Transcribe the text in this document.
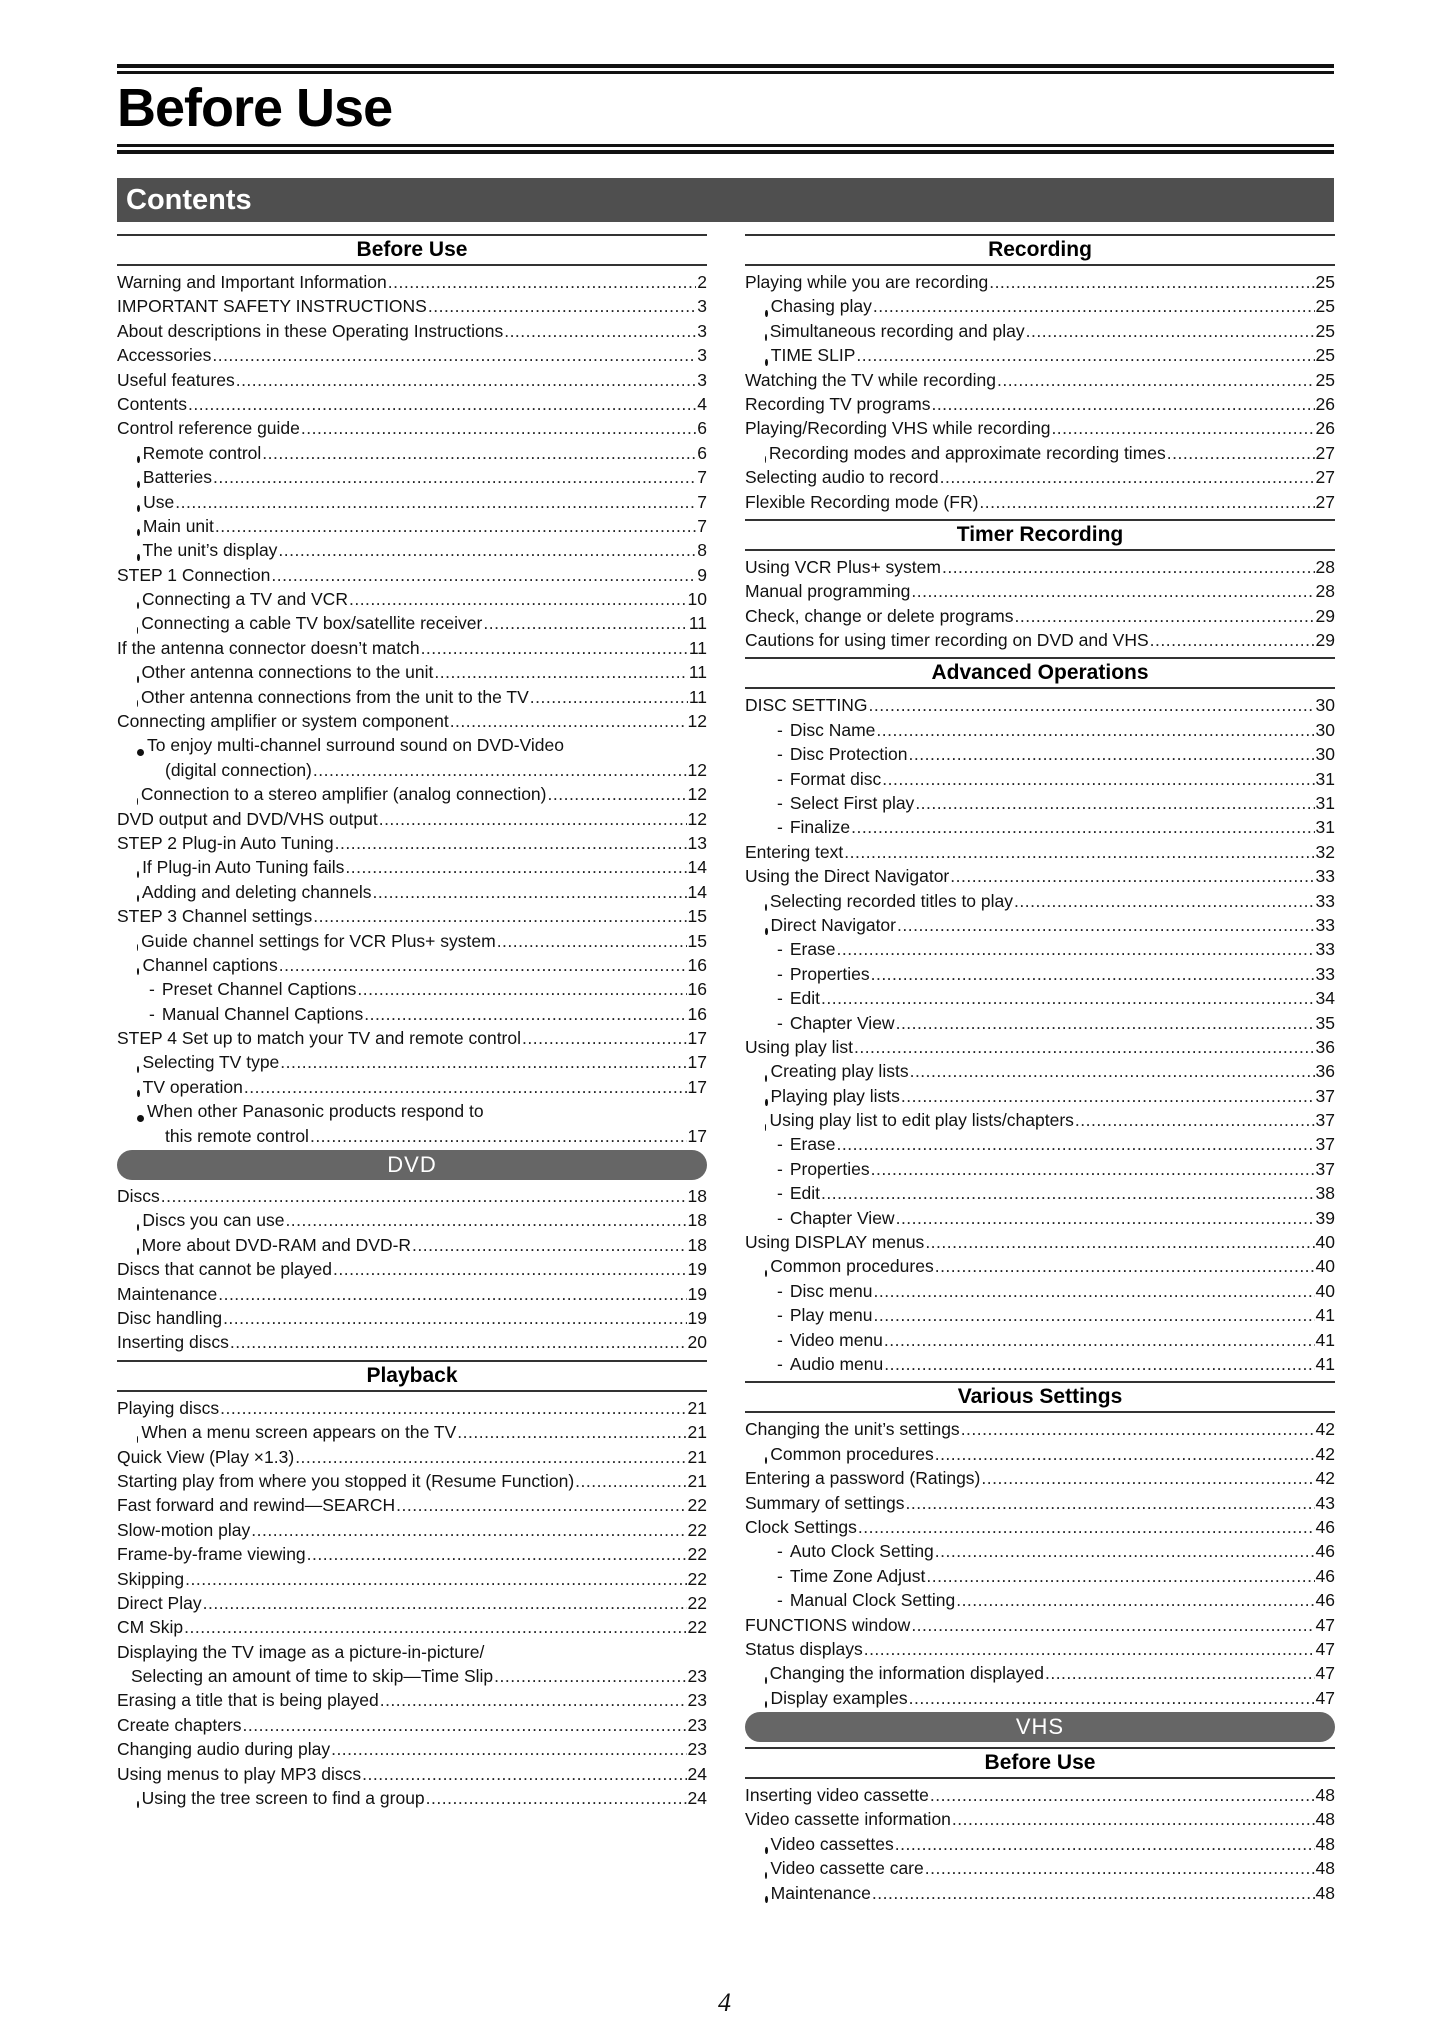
Before Use
Contents
Before Use
Warning and Important Information .....	2
IMPORTANT SAFETY INSTRUCTIONS .....	3
About descriptions in these Operating Instructions .....	3
Accessories .....	3
Useful features .....	3
Contents .....	4
Control reference guide .....	6
Remote control .....	6
Batteries .....	7
Use .....	7
Main unit .....	7
The unit’s display .....	8
STEP 1 Connection .....	9
Connecting a TV and VCR .....	10
Connecting a cable TV box/satellite receiver .....	11
If the antenna connector doesn’t match .....	11
Other antenna connections to the unit .....	11
Other antenna connections from the unit to the TV .....	11
Connecting amplifier or system component .....	12
To enjoy multi-channel surround sound on DVD-Video
(digital connection) .....	12
Connection to a stereo amplifier (analog connection) .....	12
DVD output and DVD/VHS output .....	12
STEP 2 Plug-in Auto Tuning .....	13
If Plug-in Auto Tuning fails .....	14
Adding and deleting channels .....	14
STEP 3 Channel settings .....	15
Guide channel settings for VCR Plus+ system .....	15
Channel captions .....	16
- Preset Channel Captions .....	16
- Manual Channel Captions .....	16
STEP 4 Set up to match your TV and remote control .....	17
Selecting TV type .....	17
TV operation .....	17
When other Panasonic products respond to
this remote control .....	17
DVD
Discs .....	18
Discs you can use .....	18
More about DVD-RAM and DVD-R .....	18
Discs that cannot be played .....	19
Maintenance .....	19
Disc handling .....	19
Inserting discs .....	20
Playback
Playing discs .....	21
When a menu screen appears on the TV .....	21
Quick View (Play ×1.3) .....	21
Starting play from where you stopped it (Resume Function) .....	21
Fast forward and rewind—SEARCH .....	22
Slow-motion play .....	22
Frame-by-frame viewing .....	22
Skipping .....	22
Direct Play .....	22
CM Skip .....	22
Displaying the TV image as a picture-in-picture/
Selecting an amount of time to skip—Time Slip .....	23
Erasing a title that is being played .....	23
Create chapters .....	23
Changing audio during play .....	23
Using menus to play MP3 discs .....	24
Using the tree screen to find a group .....	24
Recording
Playing while you are recording .....	25
Chasing play .....	25
Simultaneous recording and play .....	25
TIME SLIP .....	25
Watching the TV while recording .....	25
Recording TV programs .....	26
Playing/Recording VHS while recording .....	26
Recording modes and approximate recording times .....	27
Selecting audio to record .....	27
Flexible Recording mode (FR) .....	27
Timer Recording
Using VCR Plus+ system .....	28
Manual programming .....	28
Check, change or delete programs .....	29
Cautions for using timer recording on DVD and VHS .....	29
Advanced Operations
DISC SETTING .....	30
- Disc Name .....	30
- Disc Protection .....	30
- Format disc .....	31
- Select First play .....	31
- Finalize .....	31
Entering text .....	32
Using the Direct Navigator .....	33
Selecting recorded titles to play .....	33
Direct Navigator .....	33
- Erase .....	33
- Properties .....	33
- Edit .....	34
- Chapter View .....	35
Using play list .....	36
Creating play lists .....	36
Playing play lists .....	37
Using play list to edit play lists/chapters .....	37
- Erase .....	37
- Properties .....	37
- Edit .....	38
- Chapter View .....	39
Using DISPLAY menus .....	40
Common procedures .....	40
- Disc menu .....	40
- Play menu .....	41
- Video menu .....	41
- Audio menu .....	41
Various Settings
Changing the unit’s settings .....	42
Common procedures .....	42
Entering a password (Ratings) .....	42
Summary of settings .....	43
Clock Settings .....	46
- Auto Clock Setting .....	46
- Time Zone Adjust .....	46
- Manual Clock Setting .....	46
FUNCTIONS window .....	47
Status displays .....	47
Changing the information displayed .....	47
Display examples .....	47
VHS
Before Use
Inserting video cassette .....	48
Video cassette information .....	48
Video cassettes .....	48
Video cassette care .....	48
Maintenance .....	48
4
